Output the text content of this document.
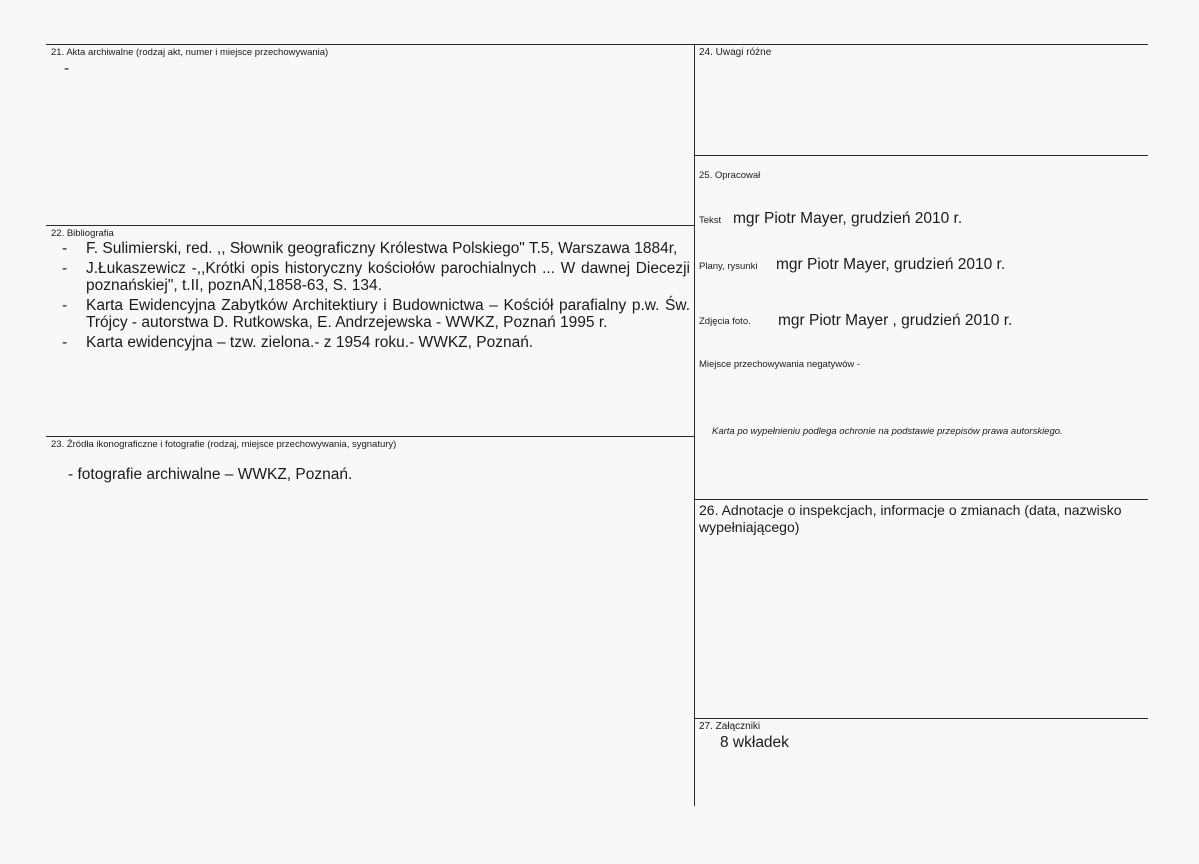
21. Akta archiwalne (rodzaj akt, numer i miejsce przechowywania)
-
22. Bibliografia
- F. Sulimierski, red. ,, Słownik geograficzny Królestwa Polskiego" T.5, Warszawa 1884r,
- J.Łukaszewicz -,,Krótki opis historyczny kościołów parochialnych ... W dawnej Diecezji poznańskiej", t.II, poznAŃ,1858-63, S. 134.
- Karta Ewidencyjna Zabytków Architektiury i Budownictwa – Kościół parafialny p.w. Św. Trójcy - autorstwa D. Rutkowska, E. Andrzejewska - WWKZ, Poznań 1995 r.
- Karta ewidencyjna – tzw. zielona.- z 1954 roku.- WWKZ, Poznań.
23. Źródła ikonograficzne i fotografie (rodzaj, miejsce przechowywania, sygnatury)
- fotografie archiwalne – WWKZ, Poznań.
24. Uwagi różne
25. Opracował
Tekst mgr Piotr Mayer, grudzień 2010 r.
Plany, rysunki mgr Piotr Mayer, grudzień 2010 r.
Zdjęcia foto. mgr Piotr Mayer , grudzień 2010 r.
Miejsce przechowywania negatywów -
Karta po wypełnieniu podlega ochronie na podstawie przepisów prawa autorskiego.
26. Adnotacje o inspekcjach, informacje o zmianach (data, nazwisko wypełniającego)
27. Załączniki
8 wkładek
